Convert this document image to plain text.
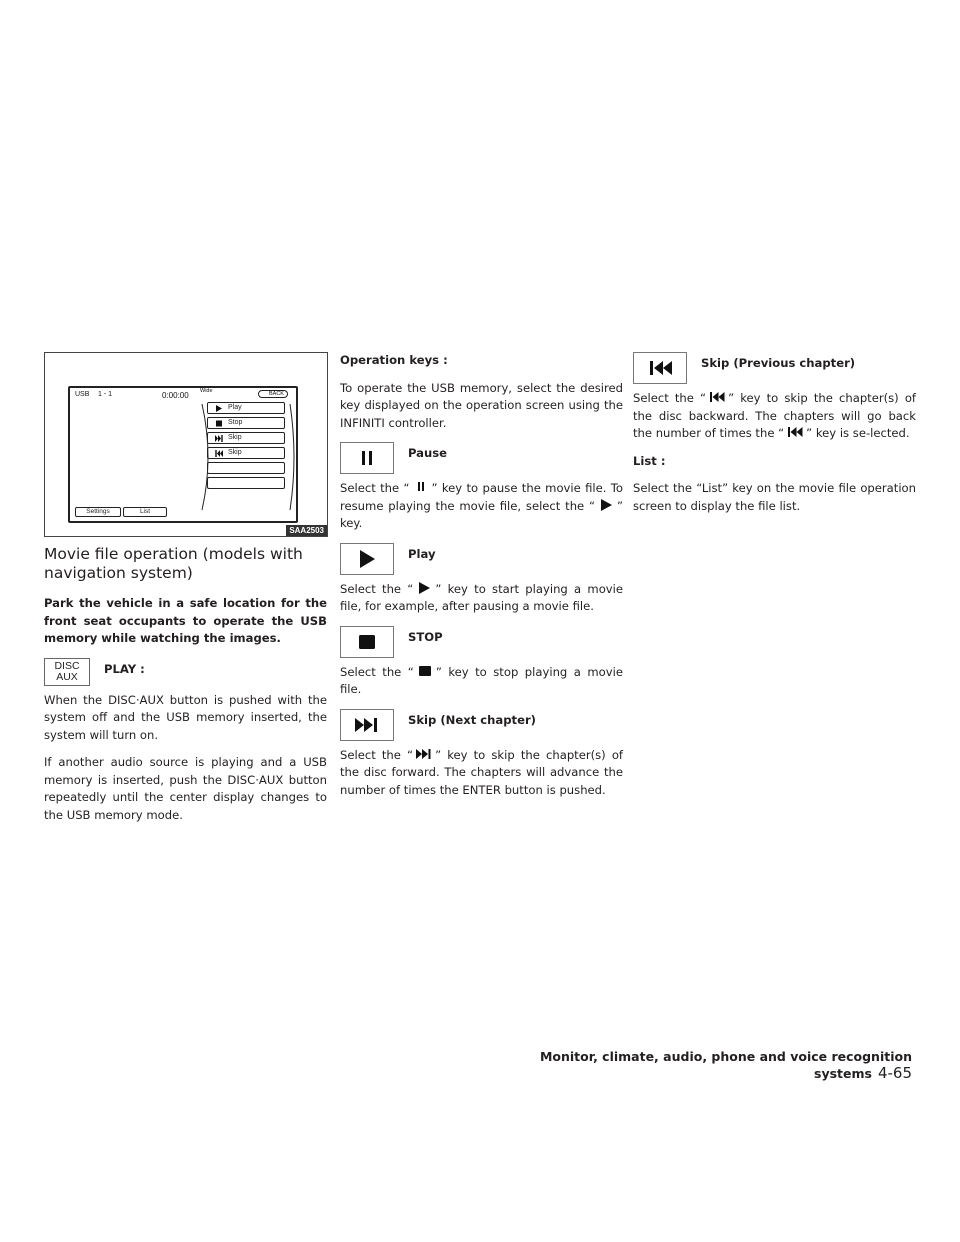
USB 1 - 1	0:00:00 Wide	BACK
Play
Stop
Skip
Skip
Settings	List
SAA2503
Movie file operation (models with navigation system)

Park the vehicle in a safe location for the front seat occupants to operate the USB memory while watching the images.

DISC
AUX
PLAY :

When the DISC·AUX button is pushed with the system off and the USB memory inserted, the system will turn on.

If another audio source is playing and a USB memory is inserted, push the DISC·AUX button repeatedly until the center display changes to the USB memory mode.

Operation keys :

To operate the USB memory, select the desired key displayed on the operation screen using the INFINITI controller.

Pause

Select the “ ” key to pause the movie file. To resume playing the movie file, select the “ ” key.

Play

Select the “ ” key to start playing a movie file, for example, after pausing a movie file.

STOP

Select the “ ” key to stop playing a movie file.

Skip (Next chapter)

Select the “ ” key to skip the chapter(s) of the disc forward. The chapters will advance the number of times the ENTER button is pushed.

Skip (Previous chapter)

Select the “ ” key to skip the chapter(s) of the disc backward. The chapters will go back the number of times the “ ” key is se-lected.

List :

Select the “List” key on the movie file operation screen to display the file list.

Monitor, climate, audio, phone and voice recognition systems 4-65
